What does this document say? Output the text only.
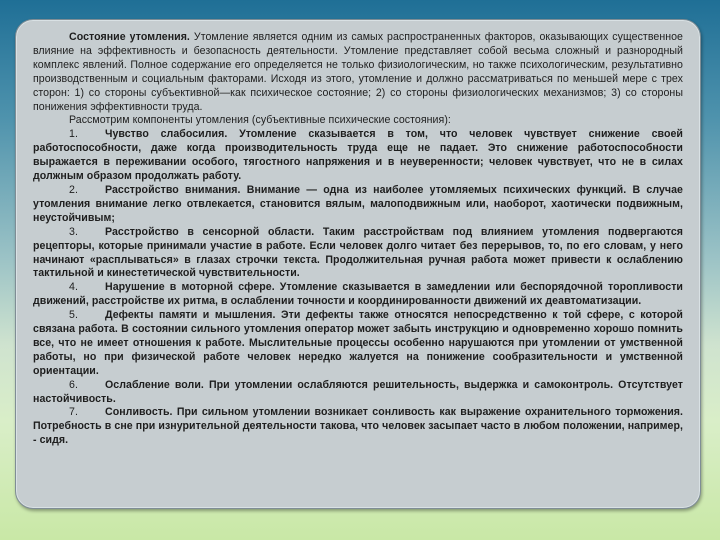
Состояние утомления. Утомление является одним из самых распространенных факторов, оказывающих существенное влияние на эффективность и безопасность деятельности. Утомление представляет собой весьма сложный и разнородный комплекс явлений. Полное содержание его определяется не только физиологическим, но также психологическим, результативно производственным и социальным факторами. Исходя из этого, утомление и должно рассматриваться по меньшей мере с трех сторон: 1) со стороны субъективной—как психическое состояние; 2) со стороны физиологических механизмов; 3) со стороны понижения эффективности труда.

Рассмотрим компоненты утомления (субъективные психические состояния):

1.	Чувство слабосилия. Утомление сказывается в том, что человек чувствует снижение своей работоспособности, даже когда производительность труда еще не падает. Это снижение работоспособности выражается в переживании особого, тягостного напряжения и в неуверенности; человек чувствует, что не в силах должным образом продолжать работу.

2.	Расстройство внимания. Внимание — одна из наиболее утомляемых психических функций. В случае утомления внимание легко отвлекается, становится вялым, малоподвижным или, наоборот, хаотически подвижным, неустойчивым;

3.	Расстройство в сенсорной области. Таким расстройствам под влиянием утомления подвергаются рецепторы, которые принимали участие в работе. Если человек долго читает без перерывов, то, по его словам, у него начинают «расплываться» в глазах строчки текста. Продолжительная ручная работа может привести к ослаблению тактильной и кинестетической чувствительности.

4.	Нарушение в моторной сфере. Утомление сказывается в замедлении или беспорядочной торопливости движений, расстройстве их ритма, в ослаблении точности и координированности движений их деавтоматизации.

5.	Дефекты памяти и мышления. Эти дефекты также относятся непосредственно к той сфере, с которой связана работа. В состоянии сильного утомления оператор может забыть инструкцию и одновременно хорошо помнить все, что не имеет отношения к работе. Мыслительные процессы особенно нарушаются при утомлении от умственной работы, но при физической работе человек нередко жалуется на понижение сообразительности и умственной ориентации.

6.	Ослабление воли. При утомлении ослабляются решительность, выдержка и самоконтроль. Отсутствует настойчивость.

7.	Сонливость. При сильном утомлении возникает сонливость как выражение охранительного торможения. Потребность в сне при изнурительной деятельности такова, что человек засыпает часто в любом положении, например, - сидя.
